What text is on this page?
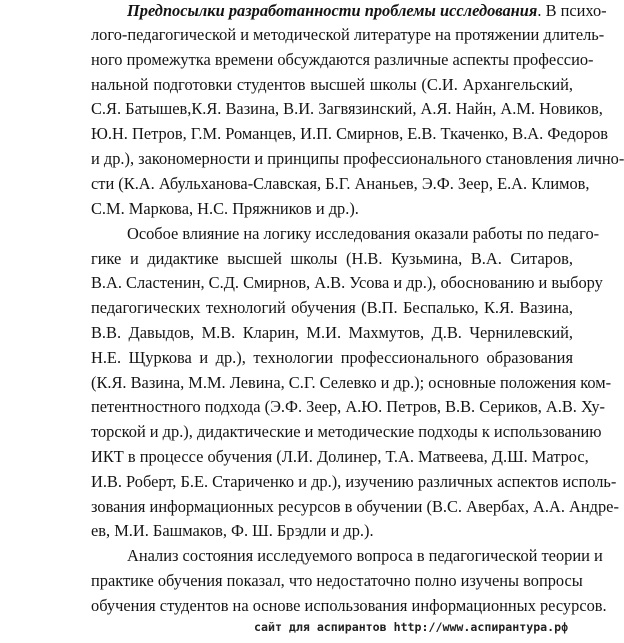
Предпосылки разработанности проблемы исследования. В психо-
лого-педагогической и методической литературе на протяжении длитель-
ного промежутка времени обсуждаются различные аспекты профессио-
нальной подготовки студентов высшей школы (С.И. Архангельский,
С.Я. Батышев,К.Я. Вазина, В.И. Загвязинский, А.Я. Найн, А.М. Новиков,
Ю.Н. Петров, Г.М. Романцев, И.П. Смирнов, Е.В. Ткаченко, В.А. Федоров
и др.), закономерности и принципы профессионального становления лично-
сти (К.А. Абульханова-Славская, Б.Г. Ананьев, Э.Ф. Зеер, Е.А. Климов,
С.М. Маркова, Н.С. Пряжников и др.).
Особое влияние на логику исследования оказали работы по педаго-
гике и дидактике высшей школы (Н.В. Кузьмина, В.А. Ситаров,
В.А. Сластенин, С.Д. Смирнов, А.В. Усова и др.), обоснованию и выбору
педагогических технологий обучения (В.П. Беспалько, К.Я. Вазина,
В.В. Давыдов, М.В. Кларин, М.И. Махмутов, Д.В. Чернилевский,
Н.Е. Щуркова и др.), технологии профессионального образования
(К.Я. Вазина, М.М. Левина, С.Г. Селевко и др.); основные положения ком-
петентностного подхода (Э.Ф. Зеер, А.Ю. Петров, В.В. Сериков, А.В. Ху-
торской и др.), дидактические и методические подходы к использованию
ИКТ в процессе обучения (Л.И. Долинер, Т.А. Матвеева, Д.Ш. Матрос,
И.В. Роберт, Б.Е. Стариченко и др.), изучению различных аспектов исполь-
зования информационных ресурсов в обучении (В.С. Авербах, А.А. Андре-
ев, М.И. Башмаков, Ф. Ш. Брэдли и др.).
Анализ состояния исследуемого вопроса в педагогической теории и
практике обучения показал, что недостаточно полно изучены вопросы
обучения студентов на основе использования информационных ресурсов.
сайт для аспирантов http://www.аспирантура.рф
